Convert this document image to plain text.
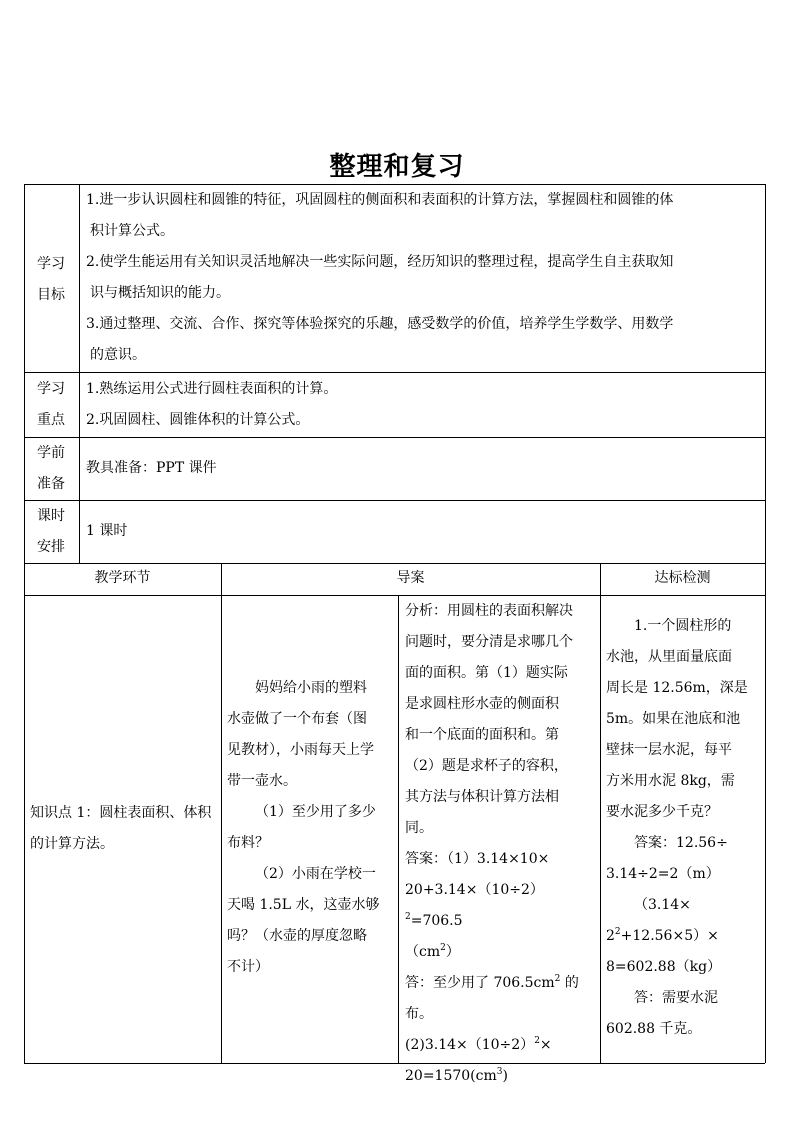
整理和复习
学习
目标

1.进一步认识圆柱和圆锥的特征，巩固圆柱的侧面积和表面积的计算方法，掌握圆柱和圆锥的体

积计算公式。

2.使学生能运用有关知识灵活地解决一些实际问题，经历知识的整理过程，提高学生自主获取知

识与概括知识的能力。

3.通过整理、交流、合作、探究等体验探究的乐趣，感受数学的价值，培养学生学数学、用数学

的意识。

学习
重点

1.熟练运用公式进行圆柱表面积的计算。

2.巩固圆柱、圆锥体积的计算公式。

学前
准备
教具准备：PPT 课件
课时
安排
1 课时
教学环节	导案	达标检测
知识点 1：圆柱表面积、体积的计算方法。

妈妈给小雨的塑料

水壶做了一个布套（图

见教材），小雨每天上学

带一壶水。

（1）至少用了多少

布料？

（2）小雨在学校一

天喝 1.5L 水，这壶水够

吗？（水壶的厚度忽略

不计）

分析：用圆柱的表面积解决

问题时，要分清是求哪几个

面的面积。第（1）题实际

是求圆柱形水壶的侧面积

和一个底面的面积和。第

（2）题是求杯子的容积，

其方法与体积计算方法相

同。

答案：（1）3.14×10×

$20+3.14\times(10\div 2)^2=706.5$

$(cm^2)$

答：至少用了 $706.5cm^2$ 的

布。

$(2)3.14\times(10\div 2)^2\times$

$20=1570(cm^3)$

1.一个圆柱形的

水池，从里面量底面

周长是 12.56m，深是

5m。如果在池底和池

壁抹一层水泥，每平

方米用水泥 8kg，需

要水泥多少千克？

答案：12.56÷

3.14÷2=2（m）

（3.14×

$2^2+12.56\times 5)\times$

8=602.88（kg）

答：需要水泥

602.88 千克。
